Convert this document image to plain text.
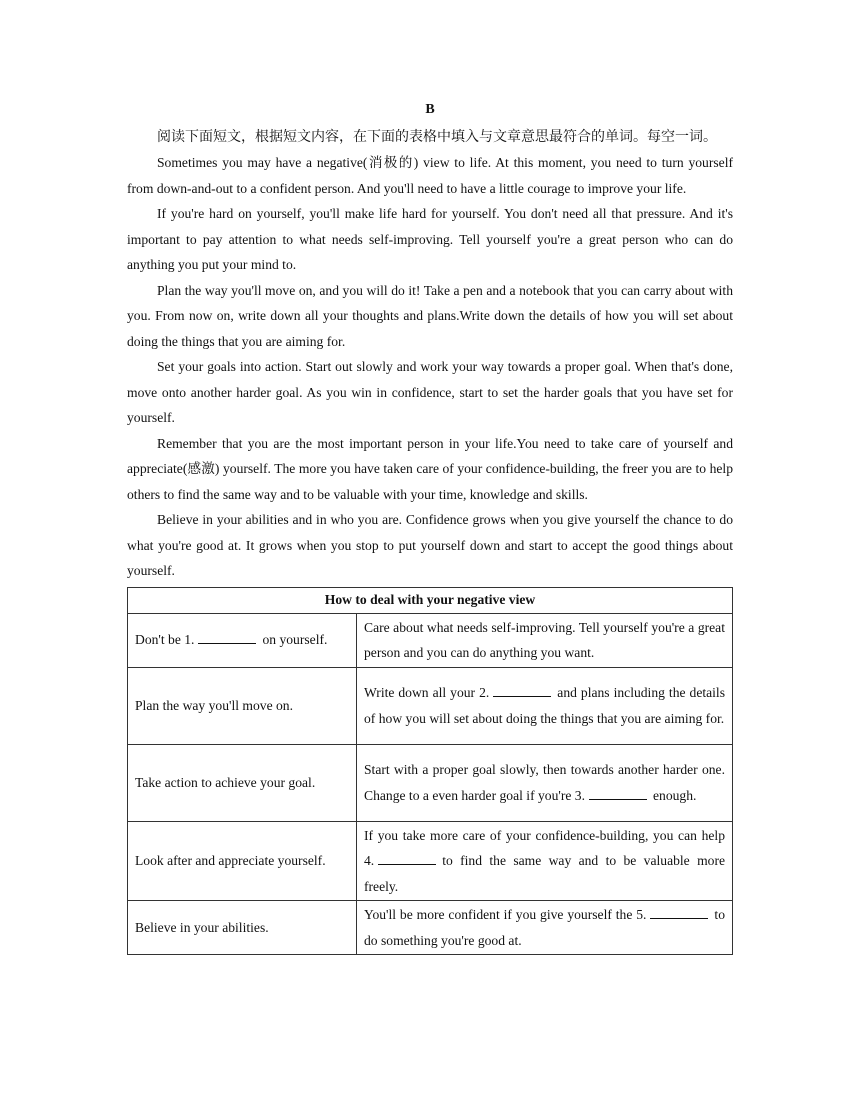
B

阅读下面短文，根据短文内容，在下面的表格中填入与文章意思最符合的单词。每空一词。

Sometimes you may have a negative(消极的) view to life. At this moment, you need to turn yourself from down-and-out to a confident person. And you'll need to have a little courage to improve your life.

If you're hard on yourself, you'll make life hard for yourself. You don't need all that pressure. And it's important to pay attention to what needs self-improving. Tell yourself you're a great person who can do anything you put your mind to.

Plan the way you'll move on, and you will do it! Take a pen and a notebook that you can carry about with you. From now on, write down all your thoughts and plans.Write down the details of how you will set about doing the things that you are aiming for.

Set your goals into action. Start out slowly and work your way towards a proper goal. When that's done, move onto another harder goal. As you win in confidence, start to set the harder goals that you have set for yourself.

Remember that you are the most important person in your life.You need to take care of yourself and appreciate(感激) yourself. The more you have taken care of your confidence-building, the freer you are to help others to find the same way and to be valuable with your time, knowledge and skills.

Believe in your abilities and in who you are. Confidence grows when you give yourself the chance to do what you're good at. It grows when you stop to put yourself down and start to accept the good things about yourself.

How to deal with your negative view	
Don't be 1. on yourself.	Care about what needs self-improving. Tell yourself you're a great person and you can do anything you want.
Plan the way you'll move on.	Write down all your 2. and plans including the details of how you will set about doing the things that you are aiming for.
Take action to achieve your goal.	Start with a proper goal slowly, then towards another harder one. Change to a even harder goal if you're 3. enough.
Look after and appreciate yourself.	If you take more care of your confidence-building, you can help 4. to find the same way and to be valuable more freely.
Believe in your abilities.	You'll be more confident if you give yourself the 5. to do something you're good at.
